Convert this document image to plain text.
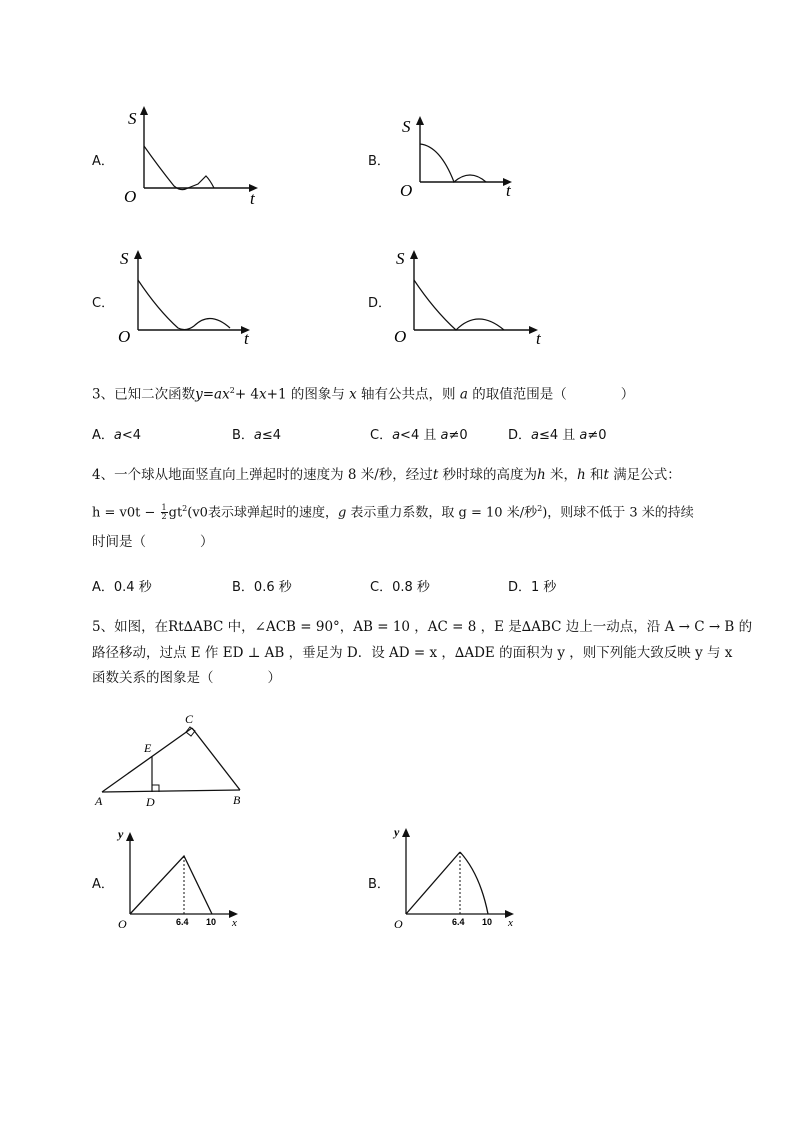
A．
S
O	t
B．
S
O	t
C．
S
O	t
D．
S
O	t
3、已知二次函数$y=ax^2+ 4x+1$ 的图象与 x 轴有公共点，则 a 的取值范围是（　　　　）
A．a<4	B．a≤4	C．a<4 且 a≠0	D．a≤4 且 a≠0
4、一个球从地面竖直向上弹起时的速度为 8 米/秒，经过t 秒时球的高度为h 米，h 和t 满足公式：
$h = v0t - \frac{1}{2} gt^2(v0$表示球弹起时的速度，g 表示重力系数，取 g = 10 米/秒$^2$)，则球不低于 3 米的持续
时间是（　　　　）
A．0.4 秒	B．0.6 秒	C．0.8 秒	D．1 秒
5、如图，在Rt∆ABC 中，∠ACB = 90°，AB = 10 ，AC = 8 ，E 是∆ABC 边上一动点，沿 A → C → B 的
路径移动，过点 E 作 ED ⊥ AB ，垂足为 D．设 AD = x ，∆ADE 的面积为 y ，则下列能大致反映 y 与 x
函数关系的图象是（　　　　）
A	B
C
D
E
A．
y
O	6.4 10 x
B．
y
O	6.4 10 x
